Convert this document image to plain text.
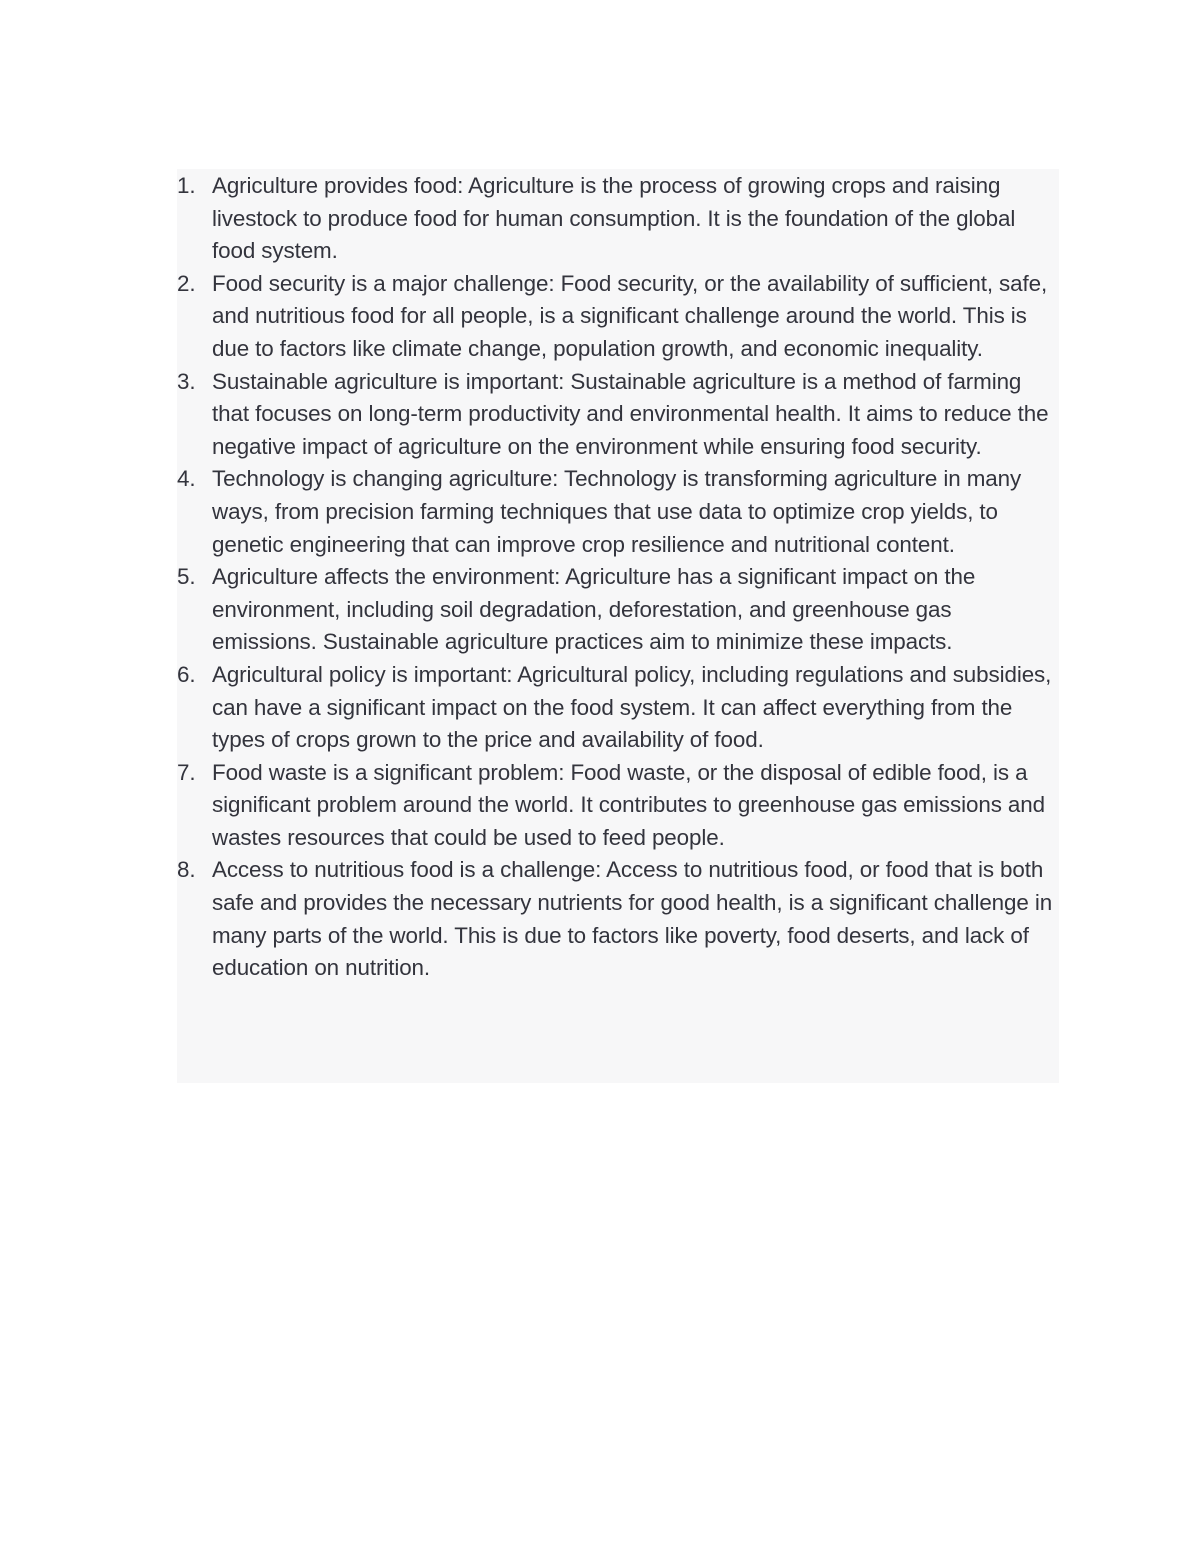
1. Agriculture provides food: Agriculture is the process of growing crops and raising livestock to produce food for human consumption. It is the foundation of the global food system.
2. Food security is a major challenge: Food security, or the availability of sufficient, safe, and nutritious food for all people, is a significant challenge around the world. This is due to factors like climate change, population growth, and economic inequality.
3. Sustainable agriculture is important: Sustainable agriculture is a method of farming that focuses on long-term productivity and environmental health. It aims to reduce the negative impact of agriculture on the environment while ensuring food security.
4. Technology is changing agriculture: Technology is transforming agriculture in many ways, from precision farming techniques that use data to optimize crop yields, to genetic engineering that can improve crop resilience and nutritional content.
5. Agriculture affects the environment: Agriculture has a significant impact on the environment, including soil degradation, deforestation, and greenhouse gas emissions. Sustainable agriculture practices aim to minimize these impacts.
6. Agricultural policy is important: Agricultural policy, including regulations and subsidies, can have a significant impact on the food system. It can affect everything from the types of crops grown to the price and availability of food.
7. Food waste is a significant problem: Food waste, or the disposal of edible food, is a significant problem around the world. It contributes to greenhouse gas emissions and wastes resources that could be used to feed people.
8. Access to nutritious food is a challenge: Access to nutritious food, or food that is both safe and provides the necessary nutrients for good health, is a significant challenge in many parts of the world. This is due to factors like poverty, food deserts, and lack of education on nutrition.
